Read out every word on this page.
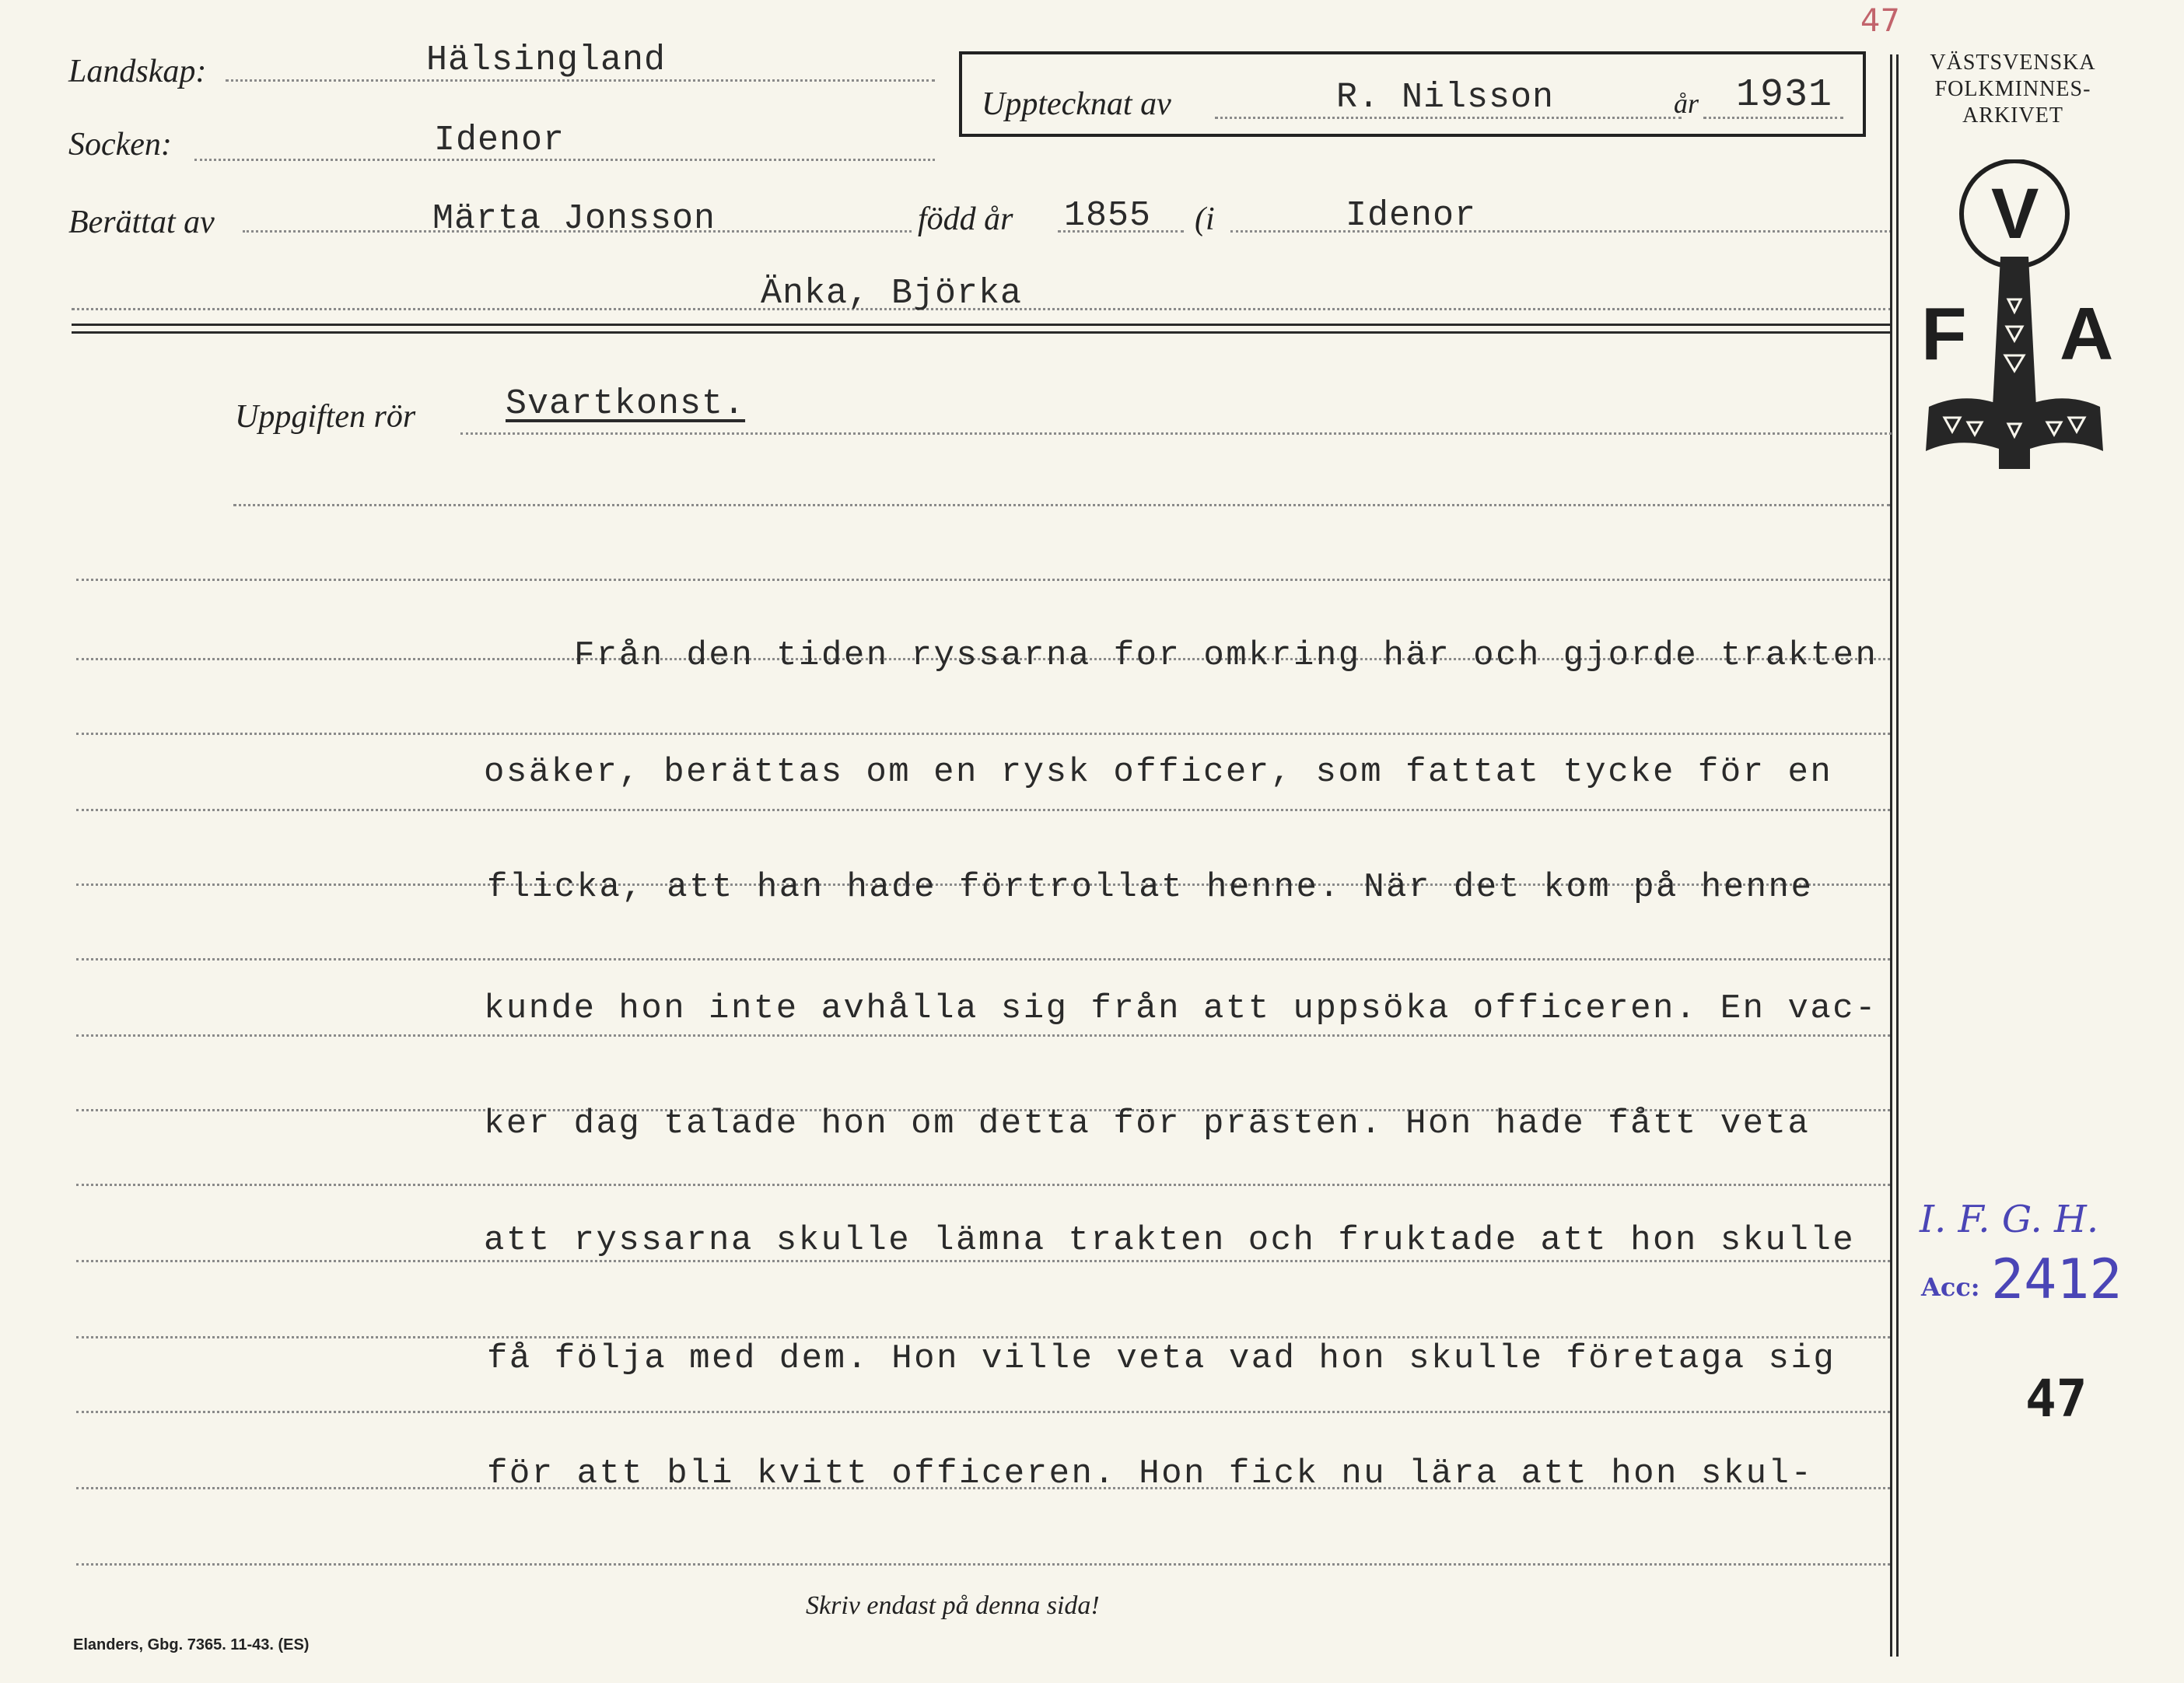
47
Landskap:	Hälsingland
Socken:	Idenor
Upptecknat av	R. Nilsson	år 1931
Berättat av	Märta Jonsson	född år 1855 (i	Idenor
Änka, Björka
VÄSTSVENSKA
FOLKMINNES-
ARKIVET
V
F A
Uppgiften rör	Svartkonst.
Från den tiden ryssarna for omkring här och gjorde trakten
osäker, berättas om en rysk officer, som fattat tycke för en
flicka, att han hade förtrollat henne. När det kom på henne
kunde hon inte avhålla sig från att uppsöka officeren. En vac-
ker dag talade hon om detta för prästen. Hon hade fått veta
att ryssarna skulle lämna trakten och fruktade att hon skulle
få följa med dem. Hon ville veta vad hon skulle företaga sig
för att bli kvitt officeren. Hon fick nu lära att hon skul-
I. F. G. H.
Acc: 2412
47
Skriv endast på denna sida!
Elanders, Gbg. 7365. 11-43. (ES)
